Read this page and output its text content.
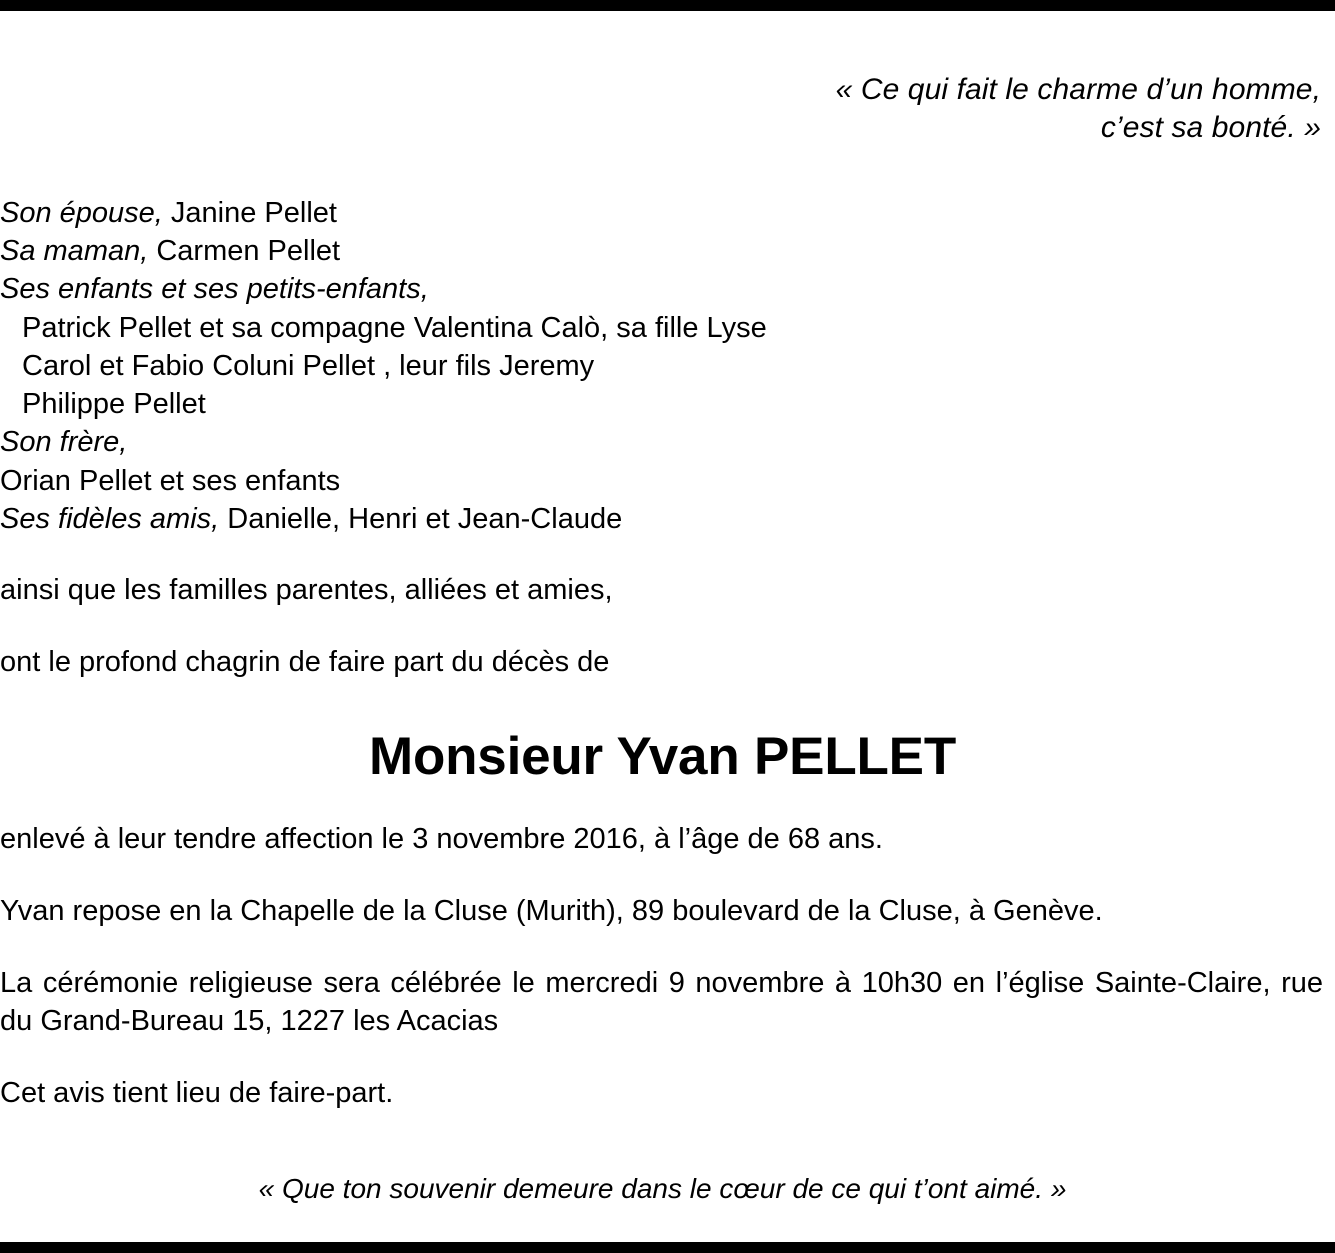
« Ce qui fait le charme d’un homme,
c’est sa bonté. »
Son épouse, Janine Pellet
Sa maman, Carmen Pellet
Ses enfants et ses petits-enfants,
Patrick Pellet et sa compagne Valentina Calò, sa fille Lyse
Carol et Fabio Coluni Pellet , leur fils Jeremy
Philippe Pellet
Son frère,
Orian Pellet et ses enfants
Ses fidèles amis, Danielle, Henri et Jean-Claude
ainsi que les familles parentes, alliées et amies,
ont le profond chagrin de faire part du décès de
Monsieur Yvan PELLET
enlevé à leur tendre affection le 3 novembre 2016, à l’âge de 68 ans.
Yvan repose en la Chapelle de la Cluse (Murith), 89 boulevard de la Cluse, à Genève.
La cérémonie religieuse sera célébrée le mercredi 9 novembre à 10h30 en l’église Sainte-Claire, rue du Grand-Bureau 15, 1227 les Acacias
Cet avis tient lieu de faire-part.
« Que ton souvenir demeure dans le cœur de ce qui t’ont aimé. »
